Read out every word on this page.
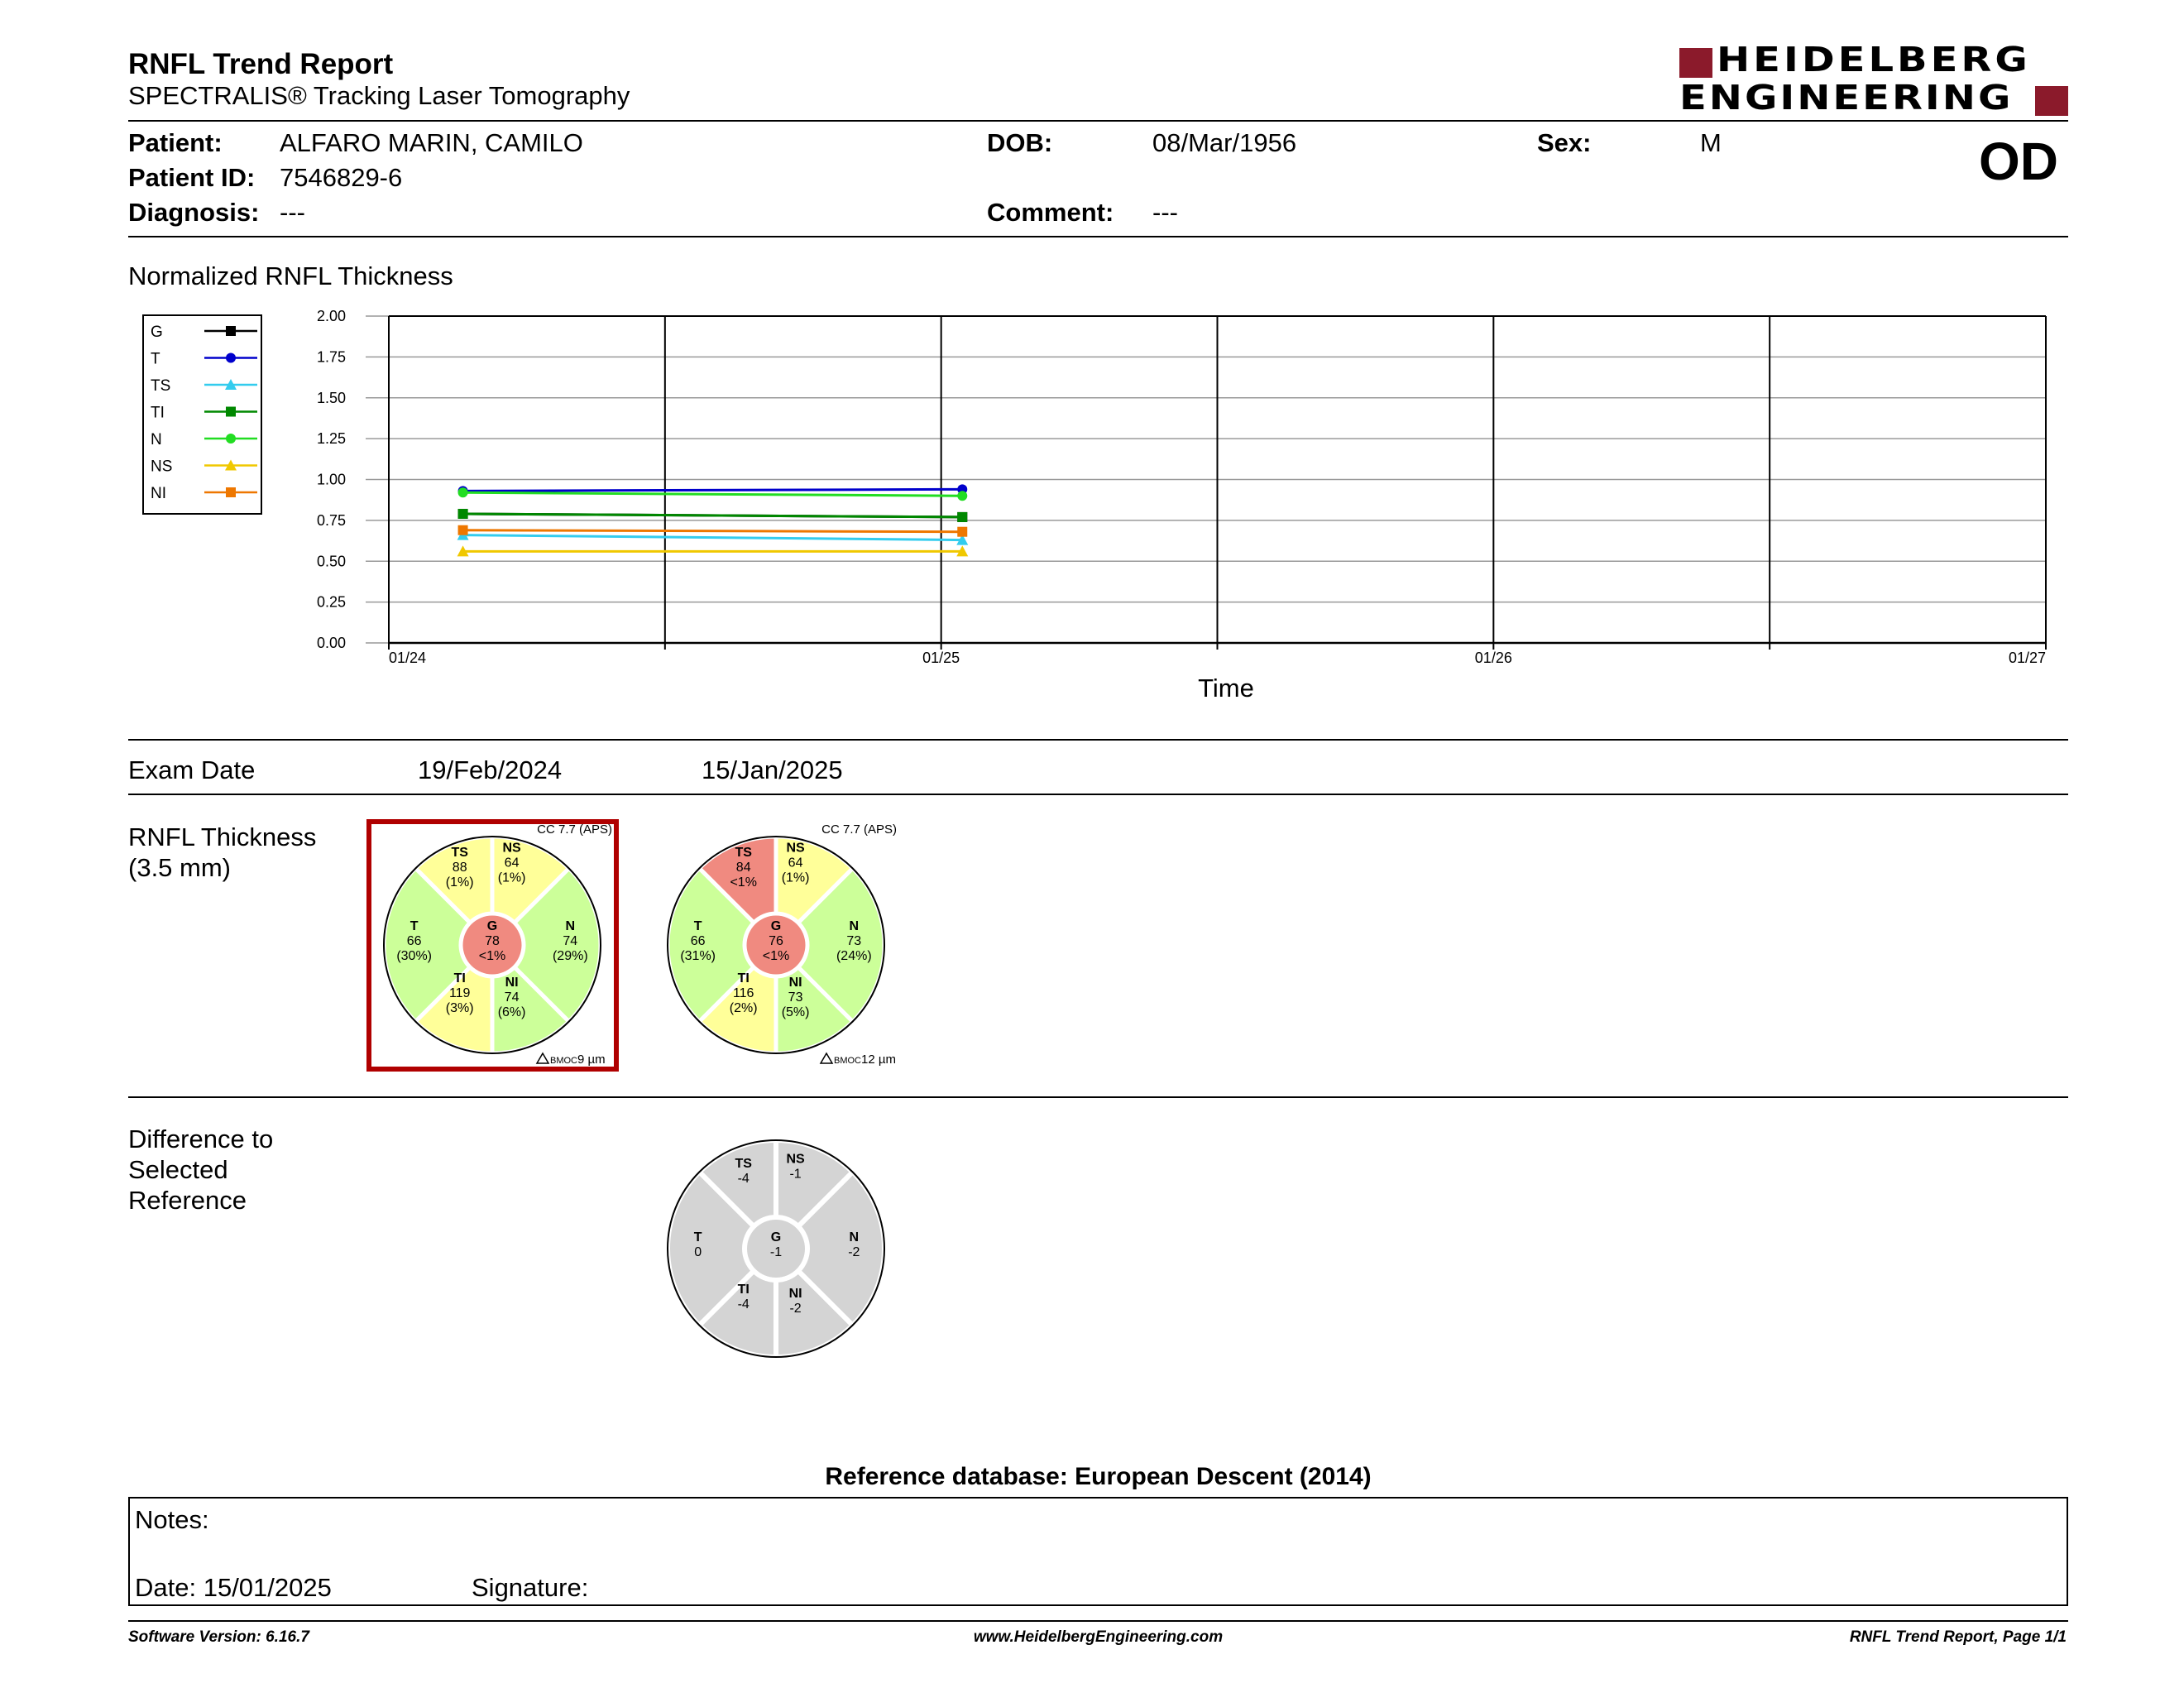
RNFL Trend Report
SPECTRALIS® Tracking Laser Tomography
HEIDELBERG
ENGINEERING
Patient: ALFARO MARIN, CAMILO
Patient ID: 7546829-6
Diagnosis: ---
DOB:	08/Mar/1956
Comment: ---
Sex:	M	OD
Normalized RNFL Thickness
G
T
TS
TI
N
NS
NI
0.00
0.25
0.50
0.75
1.00
1.25
1.50
1.75
2.00
01/24	01/25	01/26	01/27
Time
Exam Date	19/Feb/2024	15/Jan/2025
RNFL Thickness
(3.5 mm)
N
74
(29%)
T
66
(30%)
NS
64
(1%)
TS
88
(1%)
NI
74
(6%)
TI
119
(3%)
G
78
<1%
CC 7.7 (APS)
BMOC 9 µm
N
73
(24%)
T
66
(31%)
NS
64
(1%)
TS
84
<1%
NI
73
(5%)
TI
116
(2%)
G
76
<1%
CC 7.7 (APS)
BMOC 12 µm
Difference to
Selected
Reference
N
-2
T
0
NS
-1
TS
-4
NI
-2
TI
-4
G
-1
Reference database: European Descent (2014)
Notes:
Date: 15/01/2025	Signature:
Software Version: 6.16.7	www.HeidelbergEngineering.com	RNFL Trend Report, Page 1/1
